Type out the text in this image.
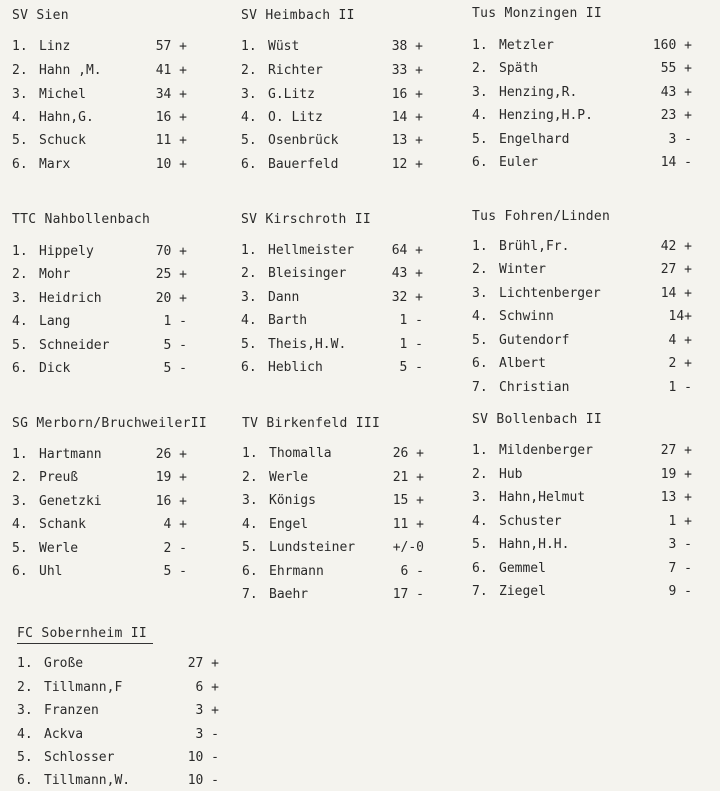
SV Sien
1. Linz	57 +
2. Hahn ,M.	41 +
3. Michel	34 +
4. Hahn,G.	16 +
5. Schuck	11 +
6. Marx	10 +
SV Heimbach II
1. Wüst	38 +
2. Richter	33 +
3. G.Litz	16 +
4. O. Litz	14 +
5. Osenbrück	13 +
6. Bauerfeld	12 +
Tus Monzingen II
1. Metzler	160 +
2. Späth	55 +
3. Henzing,R.	43 +
4. Henzing,H.P.	23 +
5. Engelhard	3 -
6. Euler	14 -
TTC Nahbollenbach
1. Hippely	70 +
2. Mohr	25 +
3. Heidrich	20 +
4. Lang	1 -
5. Schneider	5 -
6. Dick	5 -
SV Kirschroth II
1. Hellmeister	64 +
2. Bleisinger	43 +
3. Dann	32 +
4. Barth	1 -
5. Theis,H.W.	1 -
6. Heblich	5 -
Tus Fohren/Linden
1. Brühl,Fr.	42 +
2. Winter	27 +
3. Lichtenberger	14 +
4. Schwinn	14+
5. Gutendorf	4 +
6. Albert	2 +
7. Christian	1 -
SG Merborn/BruchweilerII
1. Hartmann	26 +
2. Preuß	19 +
3. Genetzki	16 +
4. Schank	4 +
5. Werle	2 -
6. Uhl	5 -
TV Birkenfeld III
1. Thomalla	26 +
2. Werle	21 +
3. Königs	15 +
4. Engel	11 +
5. Lundsteiner	+/-0
6. Ehrmann	6 -
7. Baehr	17 -
SV Bollenbach II
1. Mildenberger	27 +
2. Hub	19 +
3. Hahn,Helmut	13 +
4. Schuster	1 +
5. Hahn,H.H.	3 -
6. Gemmel	7 -
7. Ziegel	9 -
FC Sobernheim II
1. Große	27 +
2. Tillmann,F	6 +
3. Franzen	3 +
4. Ackva	3 -
5. Schlosser	10 -
6. Tillmann,W.	10 -
